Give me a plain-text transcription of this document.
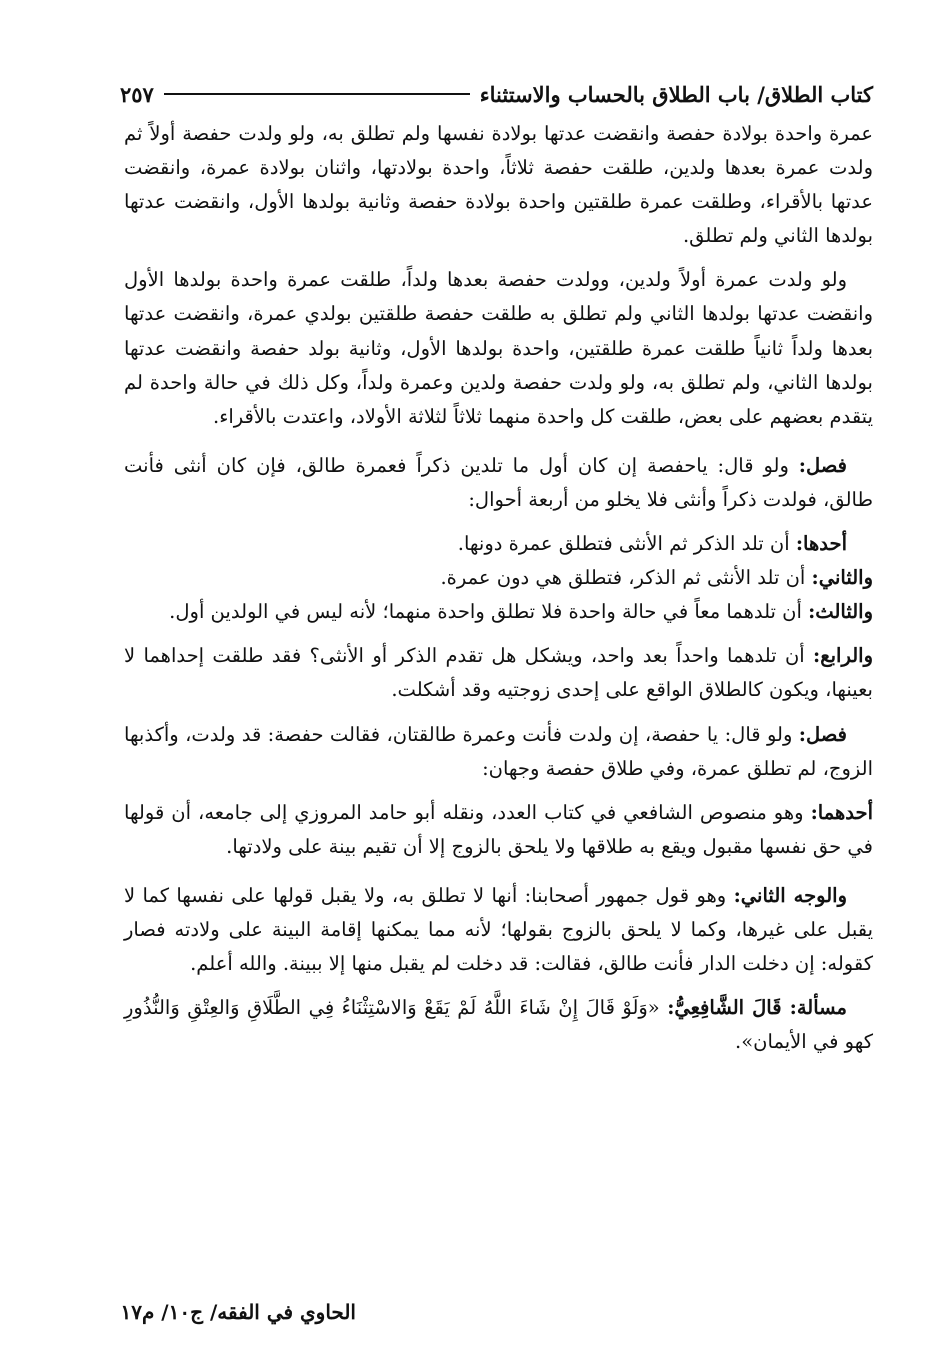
كتاب الطلاق/ باب الطلاق بالحساب والاستثناء
٢٥٧

عمرة واحدة بولادة حفصة وانقضت عدتها بولادة نفسها ولم تطلق به، ولو ولدت حفصة أولاً ثم ولدت عمرة بعدها ولدين، طلقت حفصة ثلاثاً، واحدة بولادتها، واثنان بولادة عمرة، وانقضت عدتها بالأقراء، وطلقت عمرة طلقتين واحدة بولادة حفصة وثانية بولدها الأول، وانقضت عدتها بولدها الثاني ولم تطلق.

ولو ولدت عمرة أولاً ولدين، وولدت حفصة بعدها ولداً، طلقت عمرة واحدة بولدها الأول وانقضت عدتها بولدها الثاني ولم تطلق به طلقت حفصة طلقتين بولدي عمرة، وانقضت عدتها بعدها ولداً ثانياً طلقت عمرة طلقتين، واحدة بولدها الأول، وثانية بولد حفصة وانقضت عدتها بولدها الثاني، ولم تطلق به، ولو ولدت حفصة ولدين وعمرة ولداً، وكل ذلك في حالة واحدة لم يتقدم بعضهم على بعض، طلقت كل واحدة منهما ثلاثاً لثلاثة الأولاد، واعتدت بالأقراء.

فصل: ولو قال: ياحفصة إن كان أول ما تلدين ذكراً فعمرة طالق، فإن كان أنثى فأنت طالق، فولدت ذكراً وأنثى فلا يخلو من أربعة أحوال:

أحدها: أن تلد الذكر ثم الأنثى فتطلق عمرة دونها.

والثاني: أن تلد الأنثى ثم الذكر، فتطلق هي دون عمرة.

والثالث: أن تلدهما معاً في حالة واحدة فلا تطلق واحدة منهما؛ لأنه ليس في الولدين أول.

والرابع: أن تلدهما واحداً بعد واحد، ويشكل هل تقدم الذكر أو الأنثى؟ فقد طلقت إحداهما لا بعينها، ويكون كالطلاق الواقع على إحدى زوجتيه وقد أشكلت.

فصل: ولو قال: يا حفصة، إن ولدت فأنت وعمرة طالقتان، فقالت حفصة: قد ولدت، وأكذبها الزوج، لم تطلق عمرة، وفي طلاق حفصة وجهان:

أحدهما: وهو منصوص الشافعي في كتاب العدد، ونقله أبو حامد المروزي إلى جامعه، أن قولها في حق نفسها مقبول ويقع به طلاقها ولا يلحق بالزوج إلا أن تقيم بينة على ولادتها.

والوجه الثاني: وهو قول جمهور أصحابنا: أنها لا تطلق به، ولا يقبل قولها على نفسها كما لا يقبل على غيرها، وكما لا يلحق بالزوج بقولها؛ لأنه مما يمكنها إقامة البينة على ولادته فصار كقوله: إن دخلت الدار فأنت طالق، فقالت: قد دخلت لم يقبل منها إلا ببينة. والله أعلم.

مسألة: قَالَ الشَّافِعِيُّ: «وَلَوْ قَالَ إِنْ شَاءَ اللَّهُ لَمْ يَقَعْ وَالاسْتِثْنَاءُ فِي الطَّلَاقِ وَالعِتْقِ وَالنُّذُورِ كهو في الأيمان».

الحاوي في الفقه/ ج١٠/ م١٧
